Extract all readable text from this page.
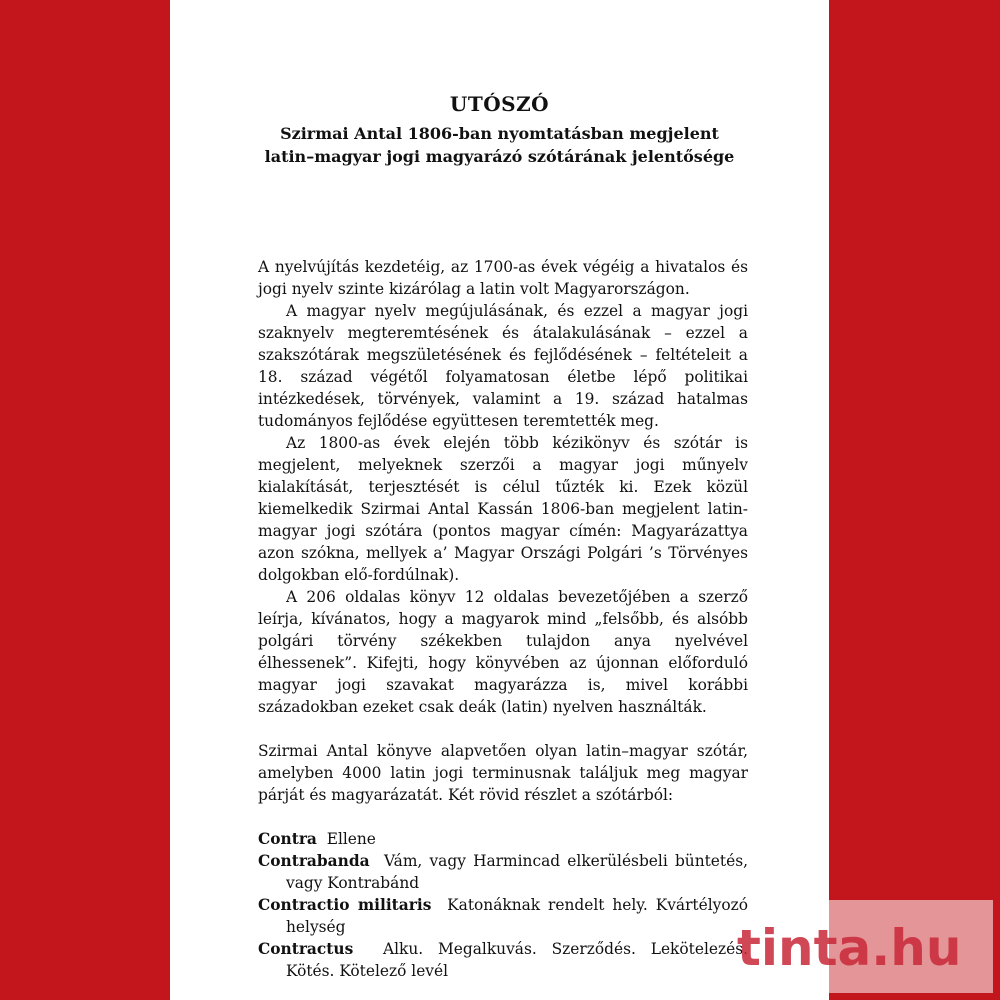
UTÓSZÓ
Szirmai Antal 1806-ban nyomtatásban megjelent
latin–magyar jogi magyarázó szótárának jelentősége

A nyelvújítás kezdetéig, az 1700-as évek végéig a hivatalos és jogi nyelv szinte kizárólag a latin volt Magyarországon.

A magyar nyelv megújulásának, és ezzel a magyar jogi szaknyelv megteremtésének és átalakulásának – ezzel a szakszótárak megszületésének és fejlődésének – feltételeit a 18. század végétől folyamatosan életbe lépő politikai intézkedések, törvények, valamint a 19. század hatalmas tudományos fejlődése együttesen teremtették meg.

Az 1800-as évek elején több kézikönyv és szótár is megjelent, melyeknek szerzői a magyar jogi műnyelv kialakítását, terjesztését is célul tűzték ki. Ezek közül kiemelkedik Szirmai Antal Kassán 1806-ban megjelent latin-magyar jogi szótára (pontos magyar címén: Magyarázattya azon szókna, mellyek a’ Magyar Országi Polgári ’s Törvényes dolgokban elő-fordúlnak).

A 206 oldalas könyv 12 oldalas bevezetőjében a szerző leírja, kívánatos, hogy a magyarok mind „felsőbb, és alsóbb polgári törvény székekben tulajdon anya nyelvével élhessenek”. Kifejti, hogy könyvében az újonnan előforduló magyar jogi szavakat magyarázza is, mivel korábbi századokban ezeket csak deák (latin) nyelven használták.

Szirmai Antal könyve alapvetően olyan latin–magyar szótár, amelyben 4000 latin jogi terminusnak találjuk meg magyar párját és magyarázatát. Két rövid részlet a szótárból:

Contra Ellene

Contrabanda Vám, vagy Harmincad elkerülésbeli büntetés, vagy Kontrabánd

Contractio militaris Katonáknak rendelt hely. Kvártélyozó helység

Contractus Alku. Megalkuvás. Szerződés. Lekötelezés. Kötés. Kötelező levél	tinta.hu
